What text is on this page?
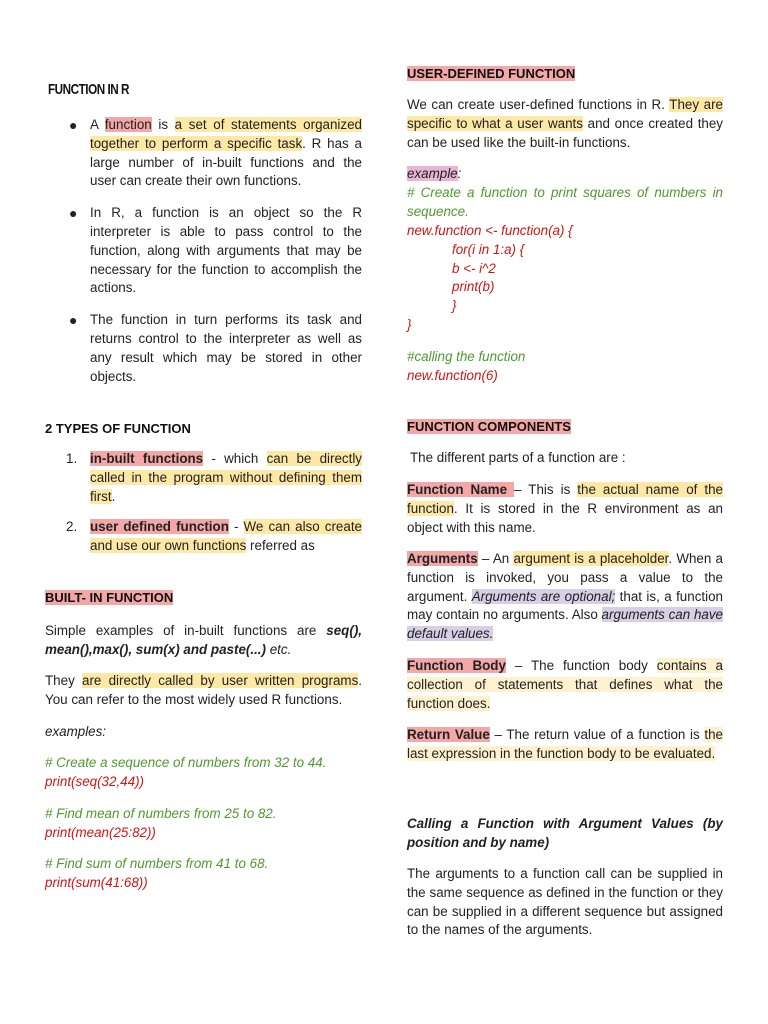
FUNCTION IN R
● A function is a set of statements organized together to perform a specific task. R has a large number of in-built functions and the user can create their own functions.
● In R, a function is an object so the R interpreter is able to pass control to the function, along with arguments that may be necessary for the function to accomplish the actions.
● The function in turn performs its task and returns control to the interpreter as well as any result which may be stored in other objects.
2 TYPES OF FUNCTION
1. in-built functions - which can be directly called in the program without defining them first.
2. user defined function - We can also create and use our own functions referred as
BUILT- IN FUNCTION

Simple examples of in-built functions are seq(), mean(),max(), sum(x) and paste(...) etc.

They are directly called by user written programs. You can refer to the most widely used R functions.

examples:

# Create a sequence of numbers from 32 to 44.

print(seq(32,44))

# Find mean of numbers from 25 to 82.

print(mean(25:82))

# Find sum of numbers from 41 to 68.

print(sum(41:68))

USER-DEFINED FUNCTION

We can create user-defined functions in R. They are specific to what a user wants and once created they can be used like the built-in functions.

example:

# Create a function to print squares of numbers in sequence.

new.function <- function(a) {

for(i in 1:a) {

b <- i^2

print(b)

}

}

#calling the function

new.function(6)

FUNCTION COMPONENTS

The different parts of a function are :

Function Name – This is the actual name of the function. It is stored in the R environment as an object with this name.

Arguments – An argument is a placeholder. When a function is invoked, you pass a value to the argument. Arguments are optional; that is, a function may contain no arguments. Also arguments can have default values.

Function Body – The function body contains a collection of statements that defines what the function does.

Return Value – The return value of a function is the last expression in the function body to be evaluated.

Calling a Function with Argument Values (by position and by name)

The arguments to a function call can be supplied in the same sequence as defined in the function or they can be supplied in a different sequence but assigned to the names of the arguments.
